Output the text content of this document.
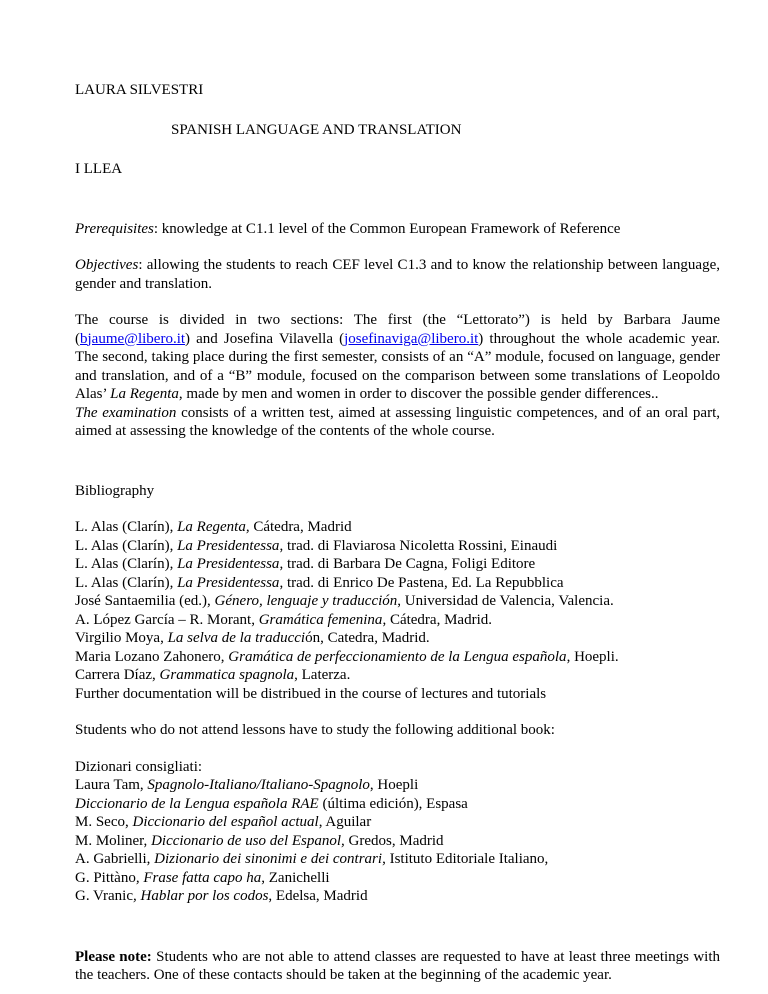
LAURA SILVESTRI

SPANISH LANGUAGE AND TRANSLATION

I LLEA

Prerequisites: knowledge at C1.1 level of the Common European Framework of Reference

Objectives: allowing the students to reach CEF level C1.3 and to know the relationship between language, gender and translation.

The course is divided in two sections: The first (the “Lettorato”) is held by Barbara Jaume (bjaume@libero.it) and Josefina Vilavella (josefinaviga@libero.it) throughout the whole academic year. The second, taking place during the first semester, consists of an “A” module, focused on language, gender and translation, and of a “B” module, focused on the comparison between some translations of Leopoldo Alas’ La Regenta, made by men and women in order to discover the possible gender differences..

The examination consists of a written test, aimed at assessing linguistic competences, and of an oral part, aimed at assessing the knowledge of the contents of the whole course.

Bibliography

L. Alas (Clarín), La Regenta, Cátedra, Madrid

L. Alas (Clarín), La Presidentessa, trad. di Flaviarosa Nicoletta Rossini, Einaudi

L. Alas (Clarín), La Presidentessa, trad. di Barbara De Cagna, Foligi Editore

L. Alas (Clarín), La Presidentessa, trad. di Enrico De Pastena, Ed. La Repubblica

José Santaemilia (ed.), Género, lenguaje y traducción, Universidad de Valencia, Valencia.

A. López García – R. Morant, Gramática femenina, Cátedra, Madrid.

Virgilio Moya, La selva de la traducción, Catedra, Madrid.

Maria Lozano Zahonero, Gramática de perfeccionamiento de la Lengua española, Hoepli.

Carrera Díaz, Grammatica spagnola, Laterza.

Further documentation will be distribued in the course of lectures and tutorials

Students who do not attend lessons have to study the following additional book:

Dizionari consigliati:

Laura Tam, Spagnolo-Italiano/Italiano-Spagnolo, Hoepli

Diccionario de la Lengua española RAE (última edición), Espasa

M. Seco, Diccionario del español actual, Aguilar

M. Moliner, Diccionario de uso del Espanol, Gredos, Madrid

A. Gabrielli, Dizionario dei sinonimi e dei contrari, Istituto Editoriale Italiano,

G. Pittàno, Frase fatta capo ha, Zanichelli

G. Vranic, Hablar por los codos, Edelsa, Madrid

Please note: Students who are not able to attend classes are requested to have at least three meetings with the teachers. One of these contacts should be taken at the beginning of the academic year.
